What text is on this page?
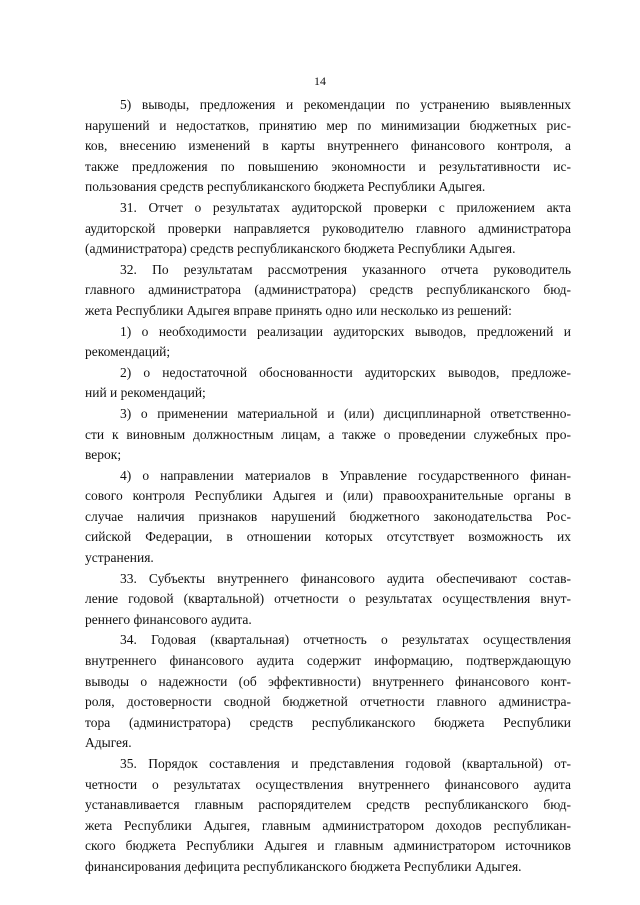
14
5) выводы, предложения и рекомендации по устранению выявленных
нарушений и недостатков, принятию мер по минимизации бюджетных рис-
ков, внесению изменений в карты внутреннего финансового контроля, а
также предложения по повышению экономности и результативности ис-
пользования средств республиканского бюджета Республики Адыгея.
31. Отчет о результатах аудиторской проверки с приложением акта
аудиторской проверки направляется руководителю главного администратора
(администратора) средств республиканского бюджета Республики Адыгея.
32. По результатам рассмотрения указанного отчета руководитель
главного администратора (администратора) средств республиканского бюд-
жета Республики Адыгея вправе принять одно или несколько из решений:
1) о необходимости реализации аудиторских выводов, предложений и
рекомендаций;
2) о недостаточной обоснованности аудиторских выводов, предложе-
ний и рекомендаций;
3) о применении материальной и (или) дисциплинарной ответственно-
сти к виновным должностным лицам, а также о проведении служебных про-
верок;
4) о направлении материалов в Управление государственного финан-
сового контроля Республики Адыгея и (или) правоохранительные органы в
случае наличия признаков нарушений бюджетного законодательства Рос-
сийской Федерации, в отношении которых отсутствует возможность их
устранения.
33. Субъекты внутреннего финансового аудита обеспечивают состав-
ление годовой (квартальной) отчетности о результатах осуществления внут-
реннего финансового аудита.
34. Годовая (квартальная) отчетность о результатах осуществления
внутреннего финансового аудита содержит информацию, подтверждающую
выводы о надежности (об эффективности) внутреннего финансового конт-
роля, достоверности сводной бюджетной отчетности главного администра-
тора (администратора) средств республиканского бюджета Республики
Адыгея.
35. Порядок составления и представления годовой (квартальной) от-
четности о результатах осуществления внутреннего финансового аудита
устанавливается главным распорядителем средств республиканского бюд-
жета Республики Адыгея, главным администратором доходов республикан-
ского бюджета Республики Адыгея и главным администратором источников
финансирования дефицита республиканского бюджета Республики Адыгея.
